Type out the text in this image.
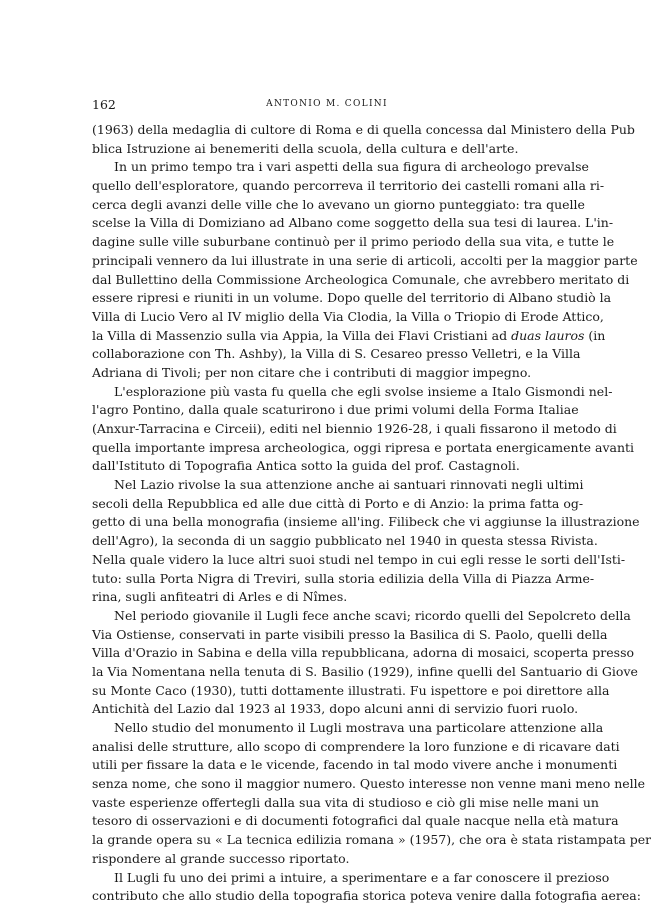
162	ANTONIO M. COLINI
(1963) della medaglia di cultore di Roma e di quella concessa dal Ministero della Pub
blica Istruzione ai benemeriti della scuola, della cultura e dell'arte.
In un primo tempo tra i vari aspetti della sua figura di archeologo prevalse
quello dell'esploratore, quando percorreva il territorio dei castelli romani alla ri-
cerca degli avanzi delle ville che lo avevano un giorno punteggiato: tra quelle
scelse la Villa di Domiziano ad Albano come soggetto della sua tesi di laurea. L'in-
dagine sulle ville suburbane continuò per il primo periodo della sua vita, e tutte le
principali vennero da lui illustrate in una serie di articoli, accolti per la maggior parte
dal Bullettino della Commissione Archeologica Comunale, che avrebbero meritato di
essere ripresi e riuniti in un volume. Dopo quelle del territorio di Albano studiò la
Villa di Lucio Vero al IV miglio della Via Clodia, la Villa o Triopio di Erode Attico,
la Villa di Massenzio sulla via Appia, la Villa dei Flavi Cristiani ad duas lauros (in
collaborazione con Th. Ashby), la Villa di S. Cesareo presso Velletri, e la Villa
Adriana di Tivoli; per non citare che i contributi di maggior impegno.
L'esplorazione più vasta fu quella che egli svolse insieme a Italo Gismondi nel-
l'agro Pontino, dalla quale scaturirono i due primi volumi della Forma Italiae
(Anxur-Tarracina e Circeii), editi nel biennio 1926-28, i quali fissarono il metodo di
quella importante impresa archeologica, oggi ripresa e portata energicamente avanti
dall'Istituto di Topografia Antica sotto la guida del prof. Castagnoli.
Nel Lazio rivolse la sua attenzione anche ai santuari rinnovati negli ultimi
secoli della Repubblica ed alle due città di Porto e di Anzio: la prima fatta og-
getto di una bella monografia (insieme all'ing. Filibeck che vi aggiunse la illustrazione
dell'Agro), la seconda di un saggio pubblicato nel 1940 in questa stessa Rivista.
Nella quale videro la luce altri suoi studi nel tempo in cui egli resse le sorti dell'Isti-
tuto: sulla Porta Nigra di Treviri, sulla storia edilizia della Villa di Piazza Arme-
rina, sugli anfiteatri di Arles e di Nîmes.
Nel periodo giovanile il Lugli fece anche scavi; ricordo quelli del Sepolcreto della
Via Ostiense, conservati in parte visibili presso la Basilica di S. Paolo, quelli della
Villa d'Orazio in Sabina e della villa repubblicana, adorna di mosaici, scoperta presso
la Via Nomentana nella tenuta di S. Basilio (1929), infine quelli del Santuario di Giove
su Monte Caco (1930), tutti dottamente illustrati. Fu ispettore e poi direttore alla
Antichità del Lazio dal 1923 al 1933, dopo alcuni anni di servizio fuori ruolo.
Nello studio del monumento il Lugli mostrava una particolare attenzione alla
analisi delle strutture, allo scopo di comprendere la loro funzione e di ricavare dati
utili per fissare la data e le vicende, facendo in tal modo vivere anche i monumenti
senza nome, che sono il maggior numero. Questo interesse non venne mani meno nelle
vaste esperienze offertegli dalla sua vita di studioso e ciò gli mise nelle mani un
tesoro di osservazioni e di documenti fotografici dal quale nacque nella età matura
la grande opera su « La tecnica edilizia romana » (1957), che ora è stata ristampata per
rispondere al grande successo riportato.
Il Lugli fu uno dei primi a intuire, a sperimentare e a far conoscere il prezioso
contributo che allo studio della topografia storica poteva venire dalla fotografia aerea:
